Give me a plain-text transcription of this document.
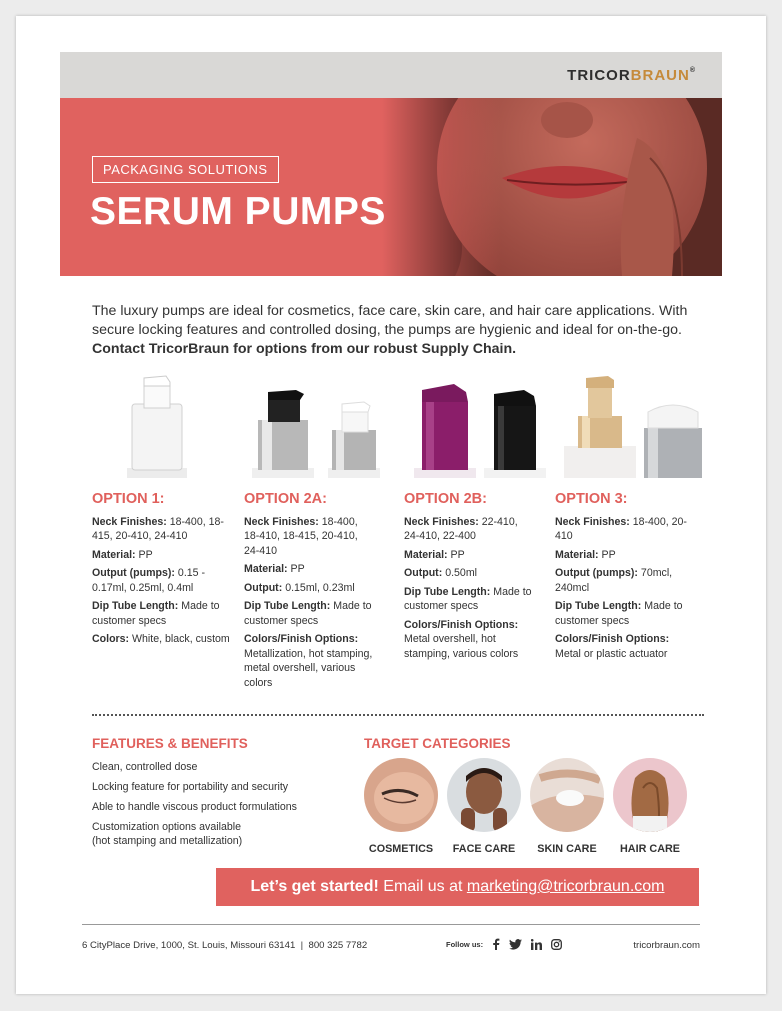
TRICORBRAUN®
PACKAGING SOLUTIONS
SERUM PUMPS
The luxury pumps are ideal for cosmetics, face care, skin care, and hair care applications. With secure locking features and controlled dosing, the pumps are hygienic and ideal for on-the-go. Contact TricorBraun for options from our robust Supply Chain.
OPTION 1:

Neck Finishes: 18-400, 18-415, 20-410, 24-410

Material: PP

Output (pumps): 0.15 - 0.17ml, 0.25ml, 0.4ml

Dip Tube Length: Made to customer specs

Colors: White, black, custom

OPTION 2A:

Neck Finishes: 18-400, 18-410, 18-415, 20-410, 24-410

Material: PP

Output: 0.15ml, 0.23ml

Dip Tube Length: Made to customer specs

Colors/Finish Options: Metallization, hot stamping, metal overshell, various colors

OPTION 2B:

Neck Finishes: 22-410, 24-410, 22-400

Material: PP

Output: 0.50ml

Dip Tube Length: Made to customer specs

Colors/Finish Options: Metal overshell, hot stamping, various colors

OPTION 3:

Neck Finishes: 18-400, 20-410

Material: PP

Output (pumps): 70mcl, 240mcl

Dip Tube Length: Made to customer specs

Colors/Finish Options: Metal or plastic actuator

FEATURES & BENEFITS
Clean, controlled dose
Locking feature for portability and security
Able to handle viscous product formulations
Customization options available
(hot stamping and metallization)
TARGET CATEGORIES
COSMETICS	FACE CARE	SKIN CARE	HAIR CARE
Let’s get started! Email us at marketing@tricorbraun.com
6 CityPlace Drive, 1000, St. Louis, Missouri 63141 | 800 325 7782	Follow us:	tricorbraun.com
